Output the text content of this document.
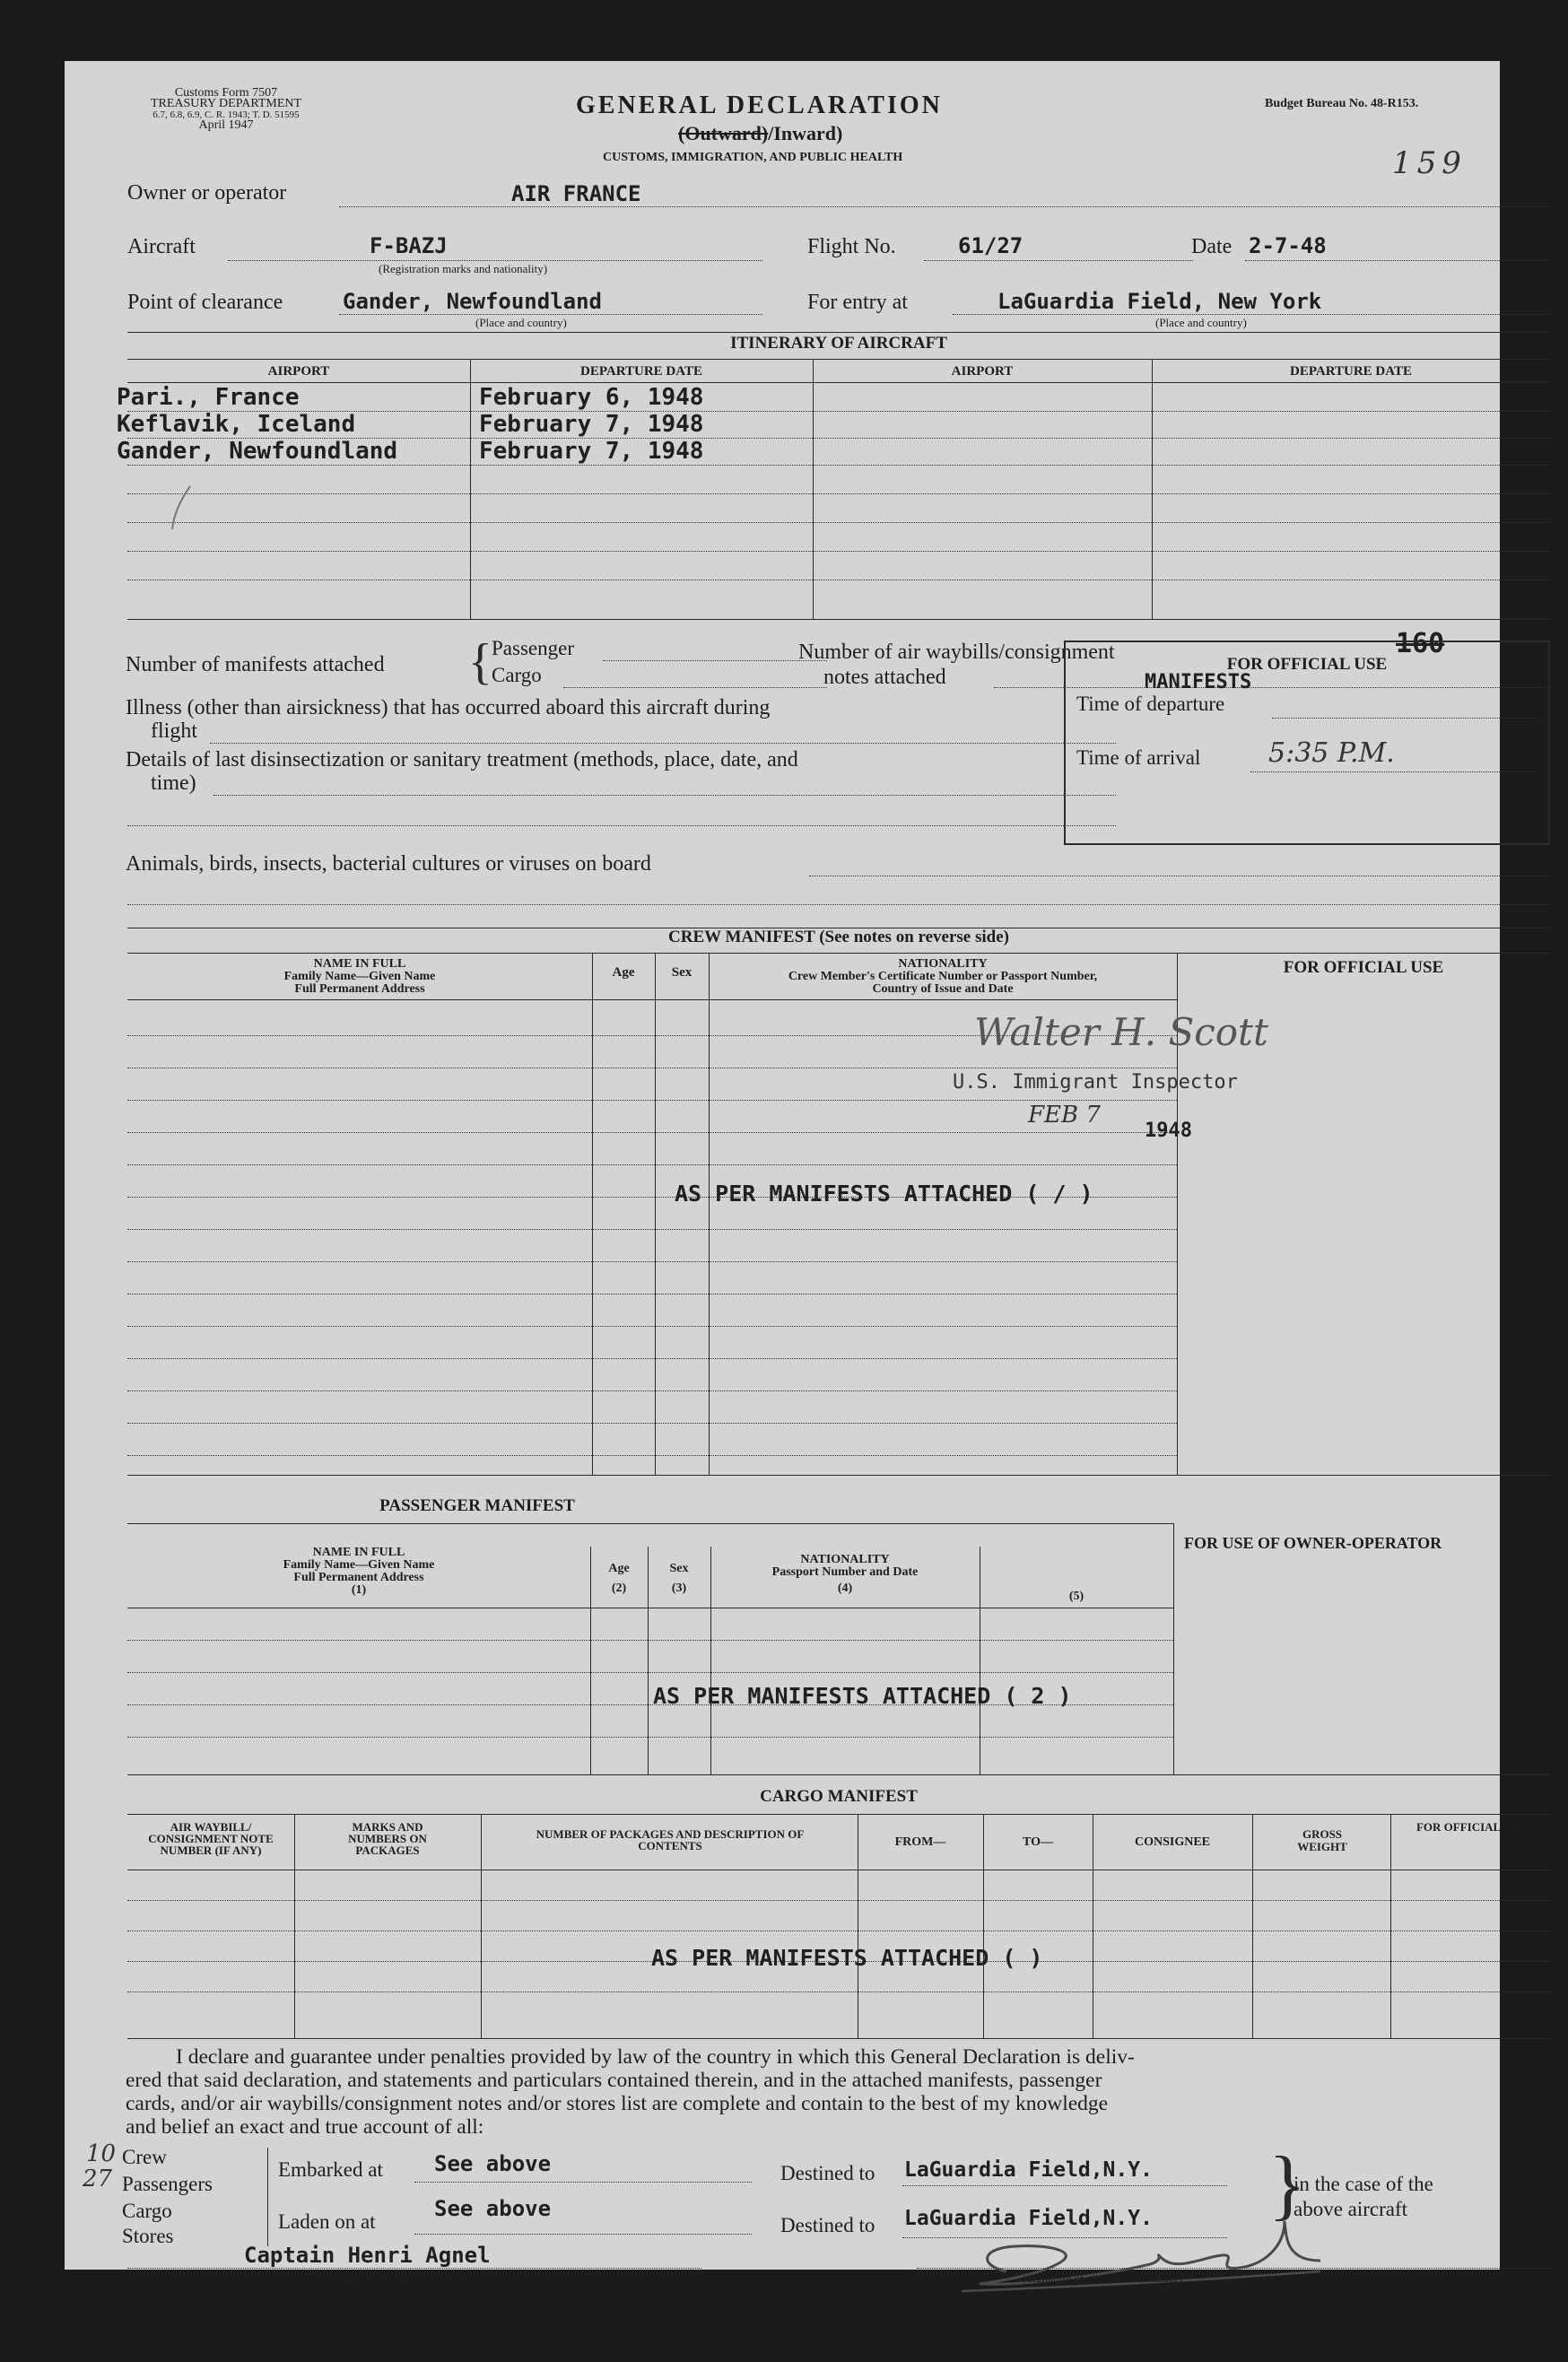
Customs Form 7507
TREASURY DEPARTMENT
6.7, 6.8, 6.9, C. R. 1943; T. D. 51595
April 1947
GENERAL DECLARATION
(Outward)/Inward)
CUSTOMS, IMMIGRATION, AND PUBLIC HEALTH
Budget Bureau No. 48-R153.
159
Owner or operator	AIR FRANCE
Aircraft	F-BAZJ
(Registration marks and nationality)
Flight No.	61/27	Date 2-7-48
Point of clearance	Gander, Newfoundland
(Place and country)
For entry at	LaGuardia Field, New York
(Place and country)
ITINERARY OF AIRCRAFT
AIRPORT	DEPARTURE DATE	AIRPORT	DEPARTURE DATE
Pari., France	February 6, 1948
Keflavik, Iceland	February 7, 1948
Gander, Newfoundland	February 7, 1948
Number of manifests attached { Passenger
Cargo
Number of air waybills/consignment
notes attached
160
MANIFESTS
Illness (other than airsickness) that has occurred aboard this aircraft during
flight
Details of last disinsectization or sanitary treatment (methods, place, date, and
time)
Animals, birds, insects, bacterial cultures or viruses on board
FOR OFFICIAL USE
Time of departure
Time of arrival	5:35 P.M.
CREW MANIFEST (See notes on reverse side)
NAME IN FULL
Family Name—Given Name
Full Permanent Address
Age	Sex
NATIONALITY
Crew Member's Certificate Number or Passport Number,
Country of Issue and Date
FOR OFFICIAL USE
Walter H. Scott
U.S. Immigrant Inspector
FEB 7
1948
AS PER MANIFESTS ATTACHED ( / )
PASSENGER MANIFEST
NAME IN FULL
Family Name—Given Name
Full Permanent Address
(1)
Age
(2)
Sex
(3)
NATIONALITY
Passport Number and Date
(4)
(5)
FOR USE OF OWNER-OPERATOR
AS PER MANIFESTS ATTACHED ( 2 )
CARGO MANIFEST
AIR WAYBILL/ CONSIGNMENT NOTE NUMBER (IF ANY)
MARKS AND NUMBERS ON PACKAGES
NUMBER OF PACKAGES AND DESCRIPTION OF CONTENTS	FROM—	TO—	CONSIGNEE
GROSS WEIGHT
FOR OFFICIAL USE
AS PER MANIFESTS ATTACHED ( )
I declare and guarantee under penalties provided by law of the country in which this General Declaration is deliv-
ered that said declaration, and statements and particulars contained therein, and in the attached manifests, passenger
cards, and/or air waybills/consignment notes and/or stores list are complete and contain to the best of my knowledge
and belief an exact and true account of all:
10
27
Crew
Passengers
Cargo
Stores
Embarked at See above
Laden on at
See above
Destined to LaGuardia Field,N.Y.
Destined to LaGuardia Field,N.Y. }
in the case of the
above aircraft
Captain Henri Agnel
(Name of aircraft commander)	(Signature of aircraft commander)	c6—16—52255-1
